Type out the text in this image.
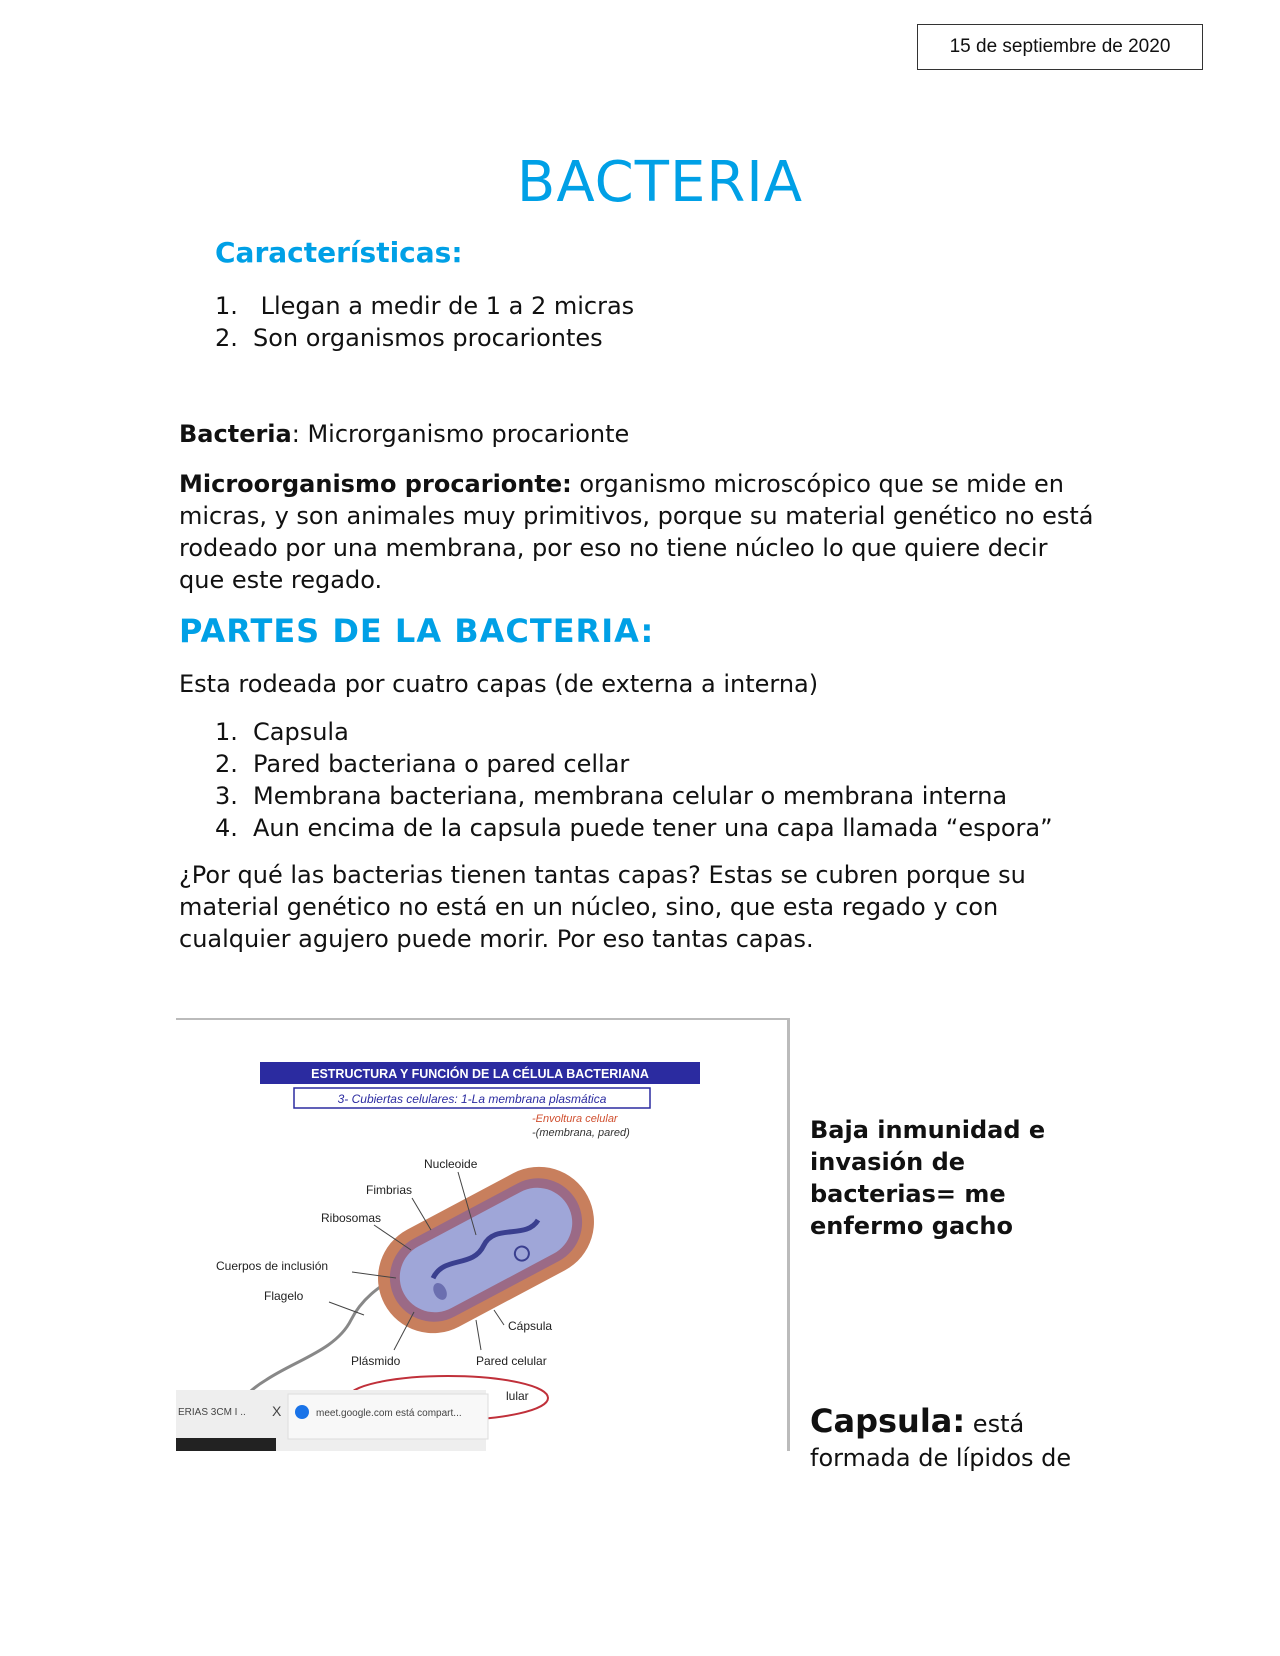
15 de septiembre de 2020
BACTERIA
Características:
1. Llegan a medir de 1 a 2 micras
2. Son organismos procariontes

Bacteria: Microrganismo procarionte

Microorganismo procarionte: organismo microscópico que se mide en micras, y son animales muy primitivos, porque su material genético no está rodeado por una membrana, por eso no tiene núcleo lo que quiere decir que este regado.

PARTES DE LA BACTERIA:

Esta rodeada por cuatro capas (de externa a interna)

1. Capsula
2. Pared bacteriana o pared cellar
3. Membrana bacteriana, membrana celular o membrana interna
4. Aun encima de la capsula puede tener una capa llamada “espora”

¿Por qué las bacterias tienen tantas capas? Estas se cubren porque su material genético no está en un núcleo, sino, que esta regado y con cualquier agujero puede morir. Por eso tantas capas.

ESTRUCTURA Y FUNCIÓN DE LA CÉLULA BACTERIANA
3- Cubiertas celulares: 1-La membrana plasmática
-Envoltura celular
-(membrana, pared)
Nucleoide
Fimbrias
Ribosomas
Cuerpos de inclusión
Flagelo
Cápsula
Plásmido	Pared celular
lular
ERIAS 3CM I .. X	meet.google.com está compart...
Baja inmunidad e invasión de bacterias= me enfermo gacho
Capsula: está formada de lípidos de
